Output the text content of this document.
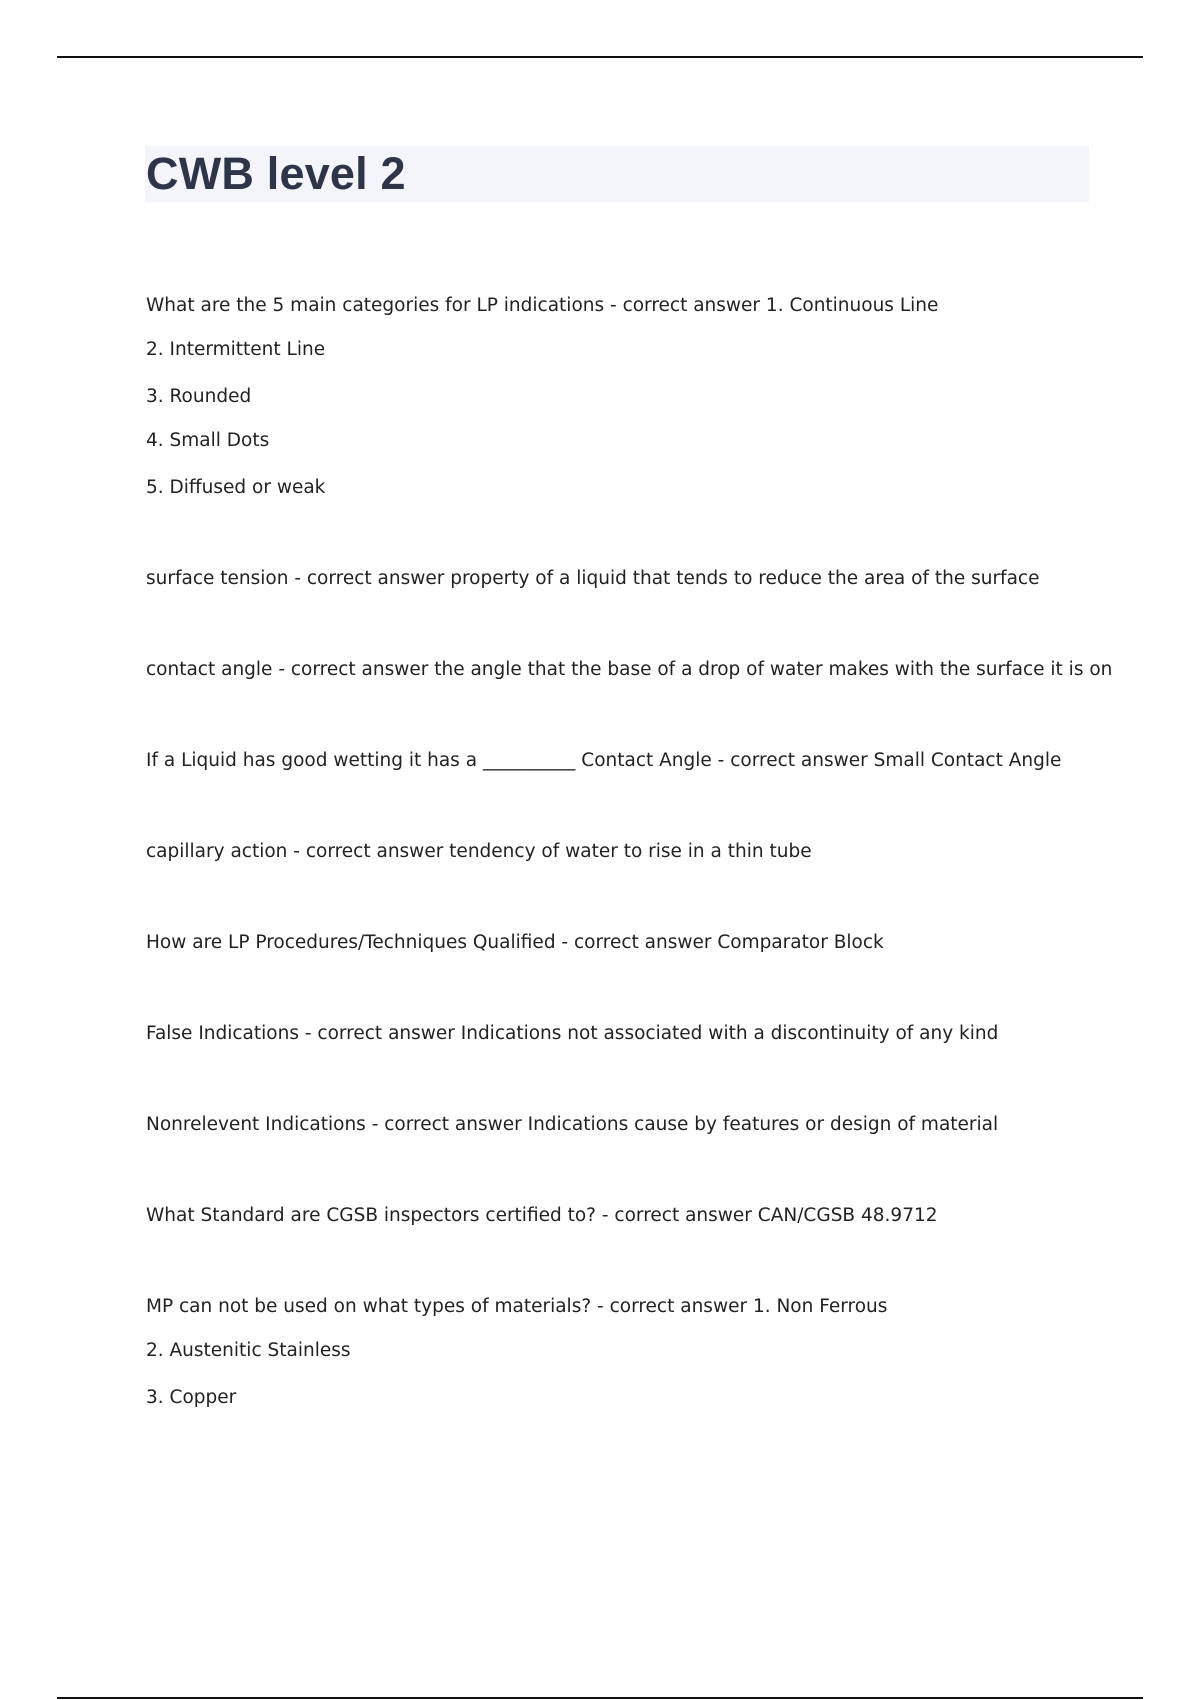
CWB level 2

What are the 5 main categories for LP indications - correct answer 1. Continuous Line

2. Intermittent Line

3. Rounded

4. Small Dots

5. Diffused or weak

surface tension - correct answer property of a liquid that tends to reduce the area of the surface

contact angle - correct answer the angle that the base of a drop of water makes with the surface it is on

If a Liquid has good wetting it has a __________ Contact Angle - correct answer Small Contact Angle

capillary action - correct answer tendency of water to rise in a thin tube

How are LP Procedures/Techniques Qualified - correct answer Comparator Block

False Indications - correct answer Indications not associated with a discontinuity of any kind

Nonrelevent Indications - correct answer Indications cause by features or design of material

What Standard are CGSB inspectors certified to? - correct answer CAN/CGSB 48.9712

MP can not be used on what types of materials? - correct answer 1. Non Ferrous

2. Austenitic Stainless

3. Copper
